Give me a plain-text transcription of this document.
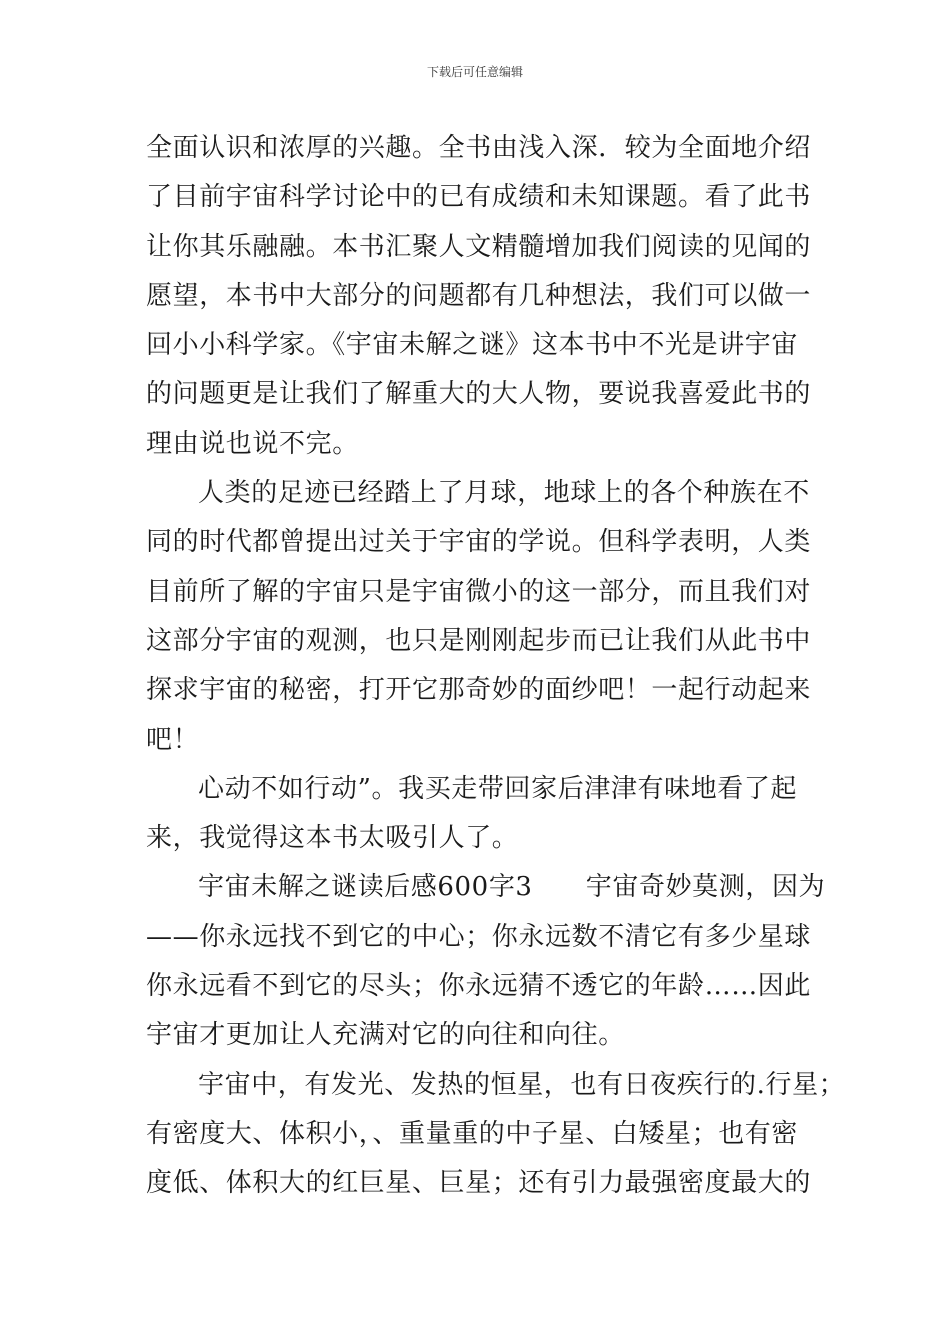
下载后可任意编辑
全面认识和浓厚的兴趣。全书由浅入深．较为全面地介绍
了目前宇宙科学讨论中的已有成绩和未知课题。看了此书
让你其乐融融。本书汇聚人文精髓增加我们阅读的见闻的
愿望，本书中大部分的问题都有几种想法，我们可以做一
回小小科学家。《宇宙未解之谜》这本书中不光是讲宇宙
的问题更是让我们了解重大的大人物，要说我喜爱此书的
理由说也说不完。
人类的足迹已经踏上了月球，地球上的各个种族在不
同的时代都曾提出过关于宇宙的学说。但科学表明，人类
目前所了解的宇宙只是宇宙微小的这一部分，而且我们对
这部分宇宙的观测，也只是刚刚起步而已让我们从此书中
探求宇宙的秘密，打开它那奇妙的面纱吧！一起行动起来
吧！
心动不如行动”。我买走带回家后津津有味地看了起
来，我觉得这本书太吸引人了。
宇宙未解之谜读后感600字3　　宇宙奇妙莫测，因为
——你永远找不到它的中心；你永远数不清它有多少星球
你永远看不到它的尽头；你永远猜不透它的年龄……因此
宇宙才更加让人充满对它的向往和向往。
宇宙中，有发光、发热的恒星，也有日夜疾行的.行星；
有密度大、体积小，、重量重的中子星、白矮星；也有密
度低、体积大的红巨星、巨星；还有引力最强密度最大的
